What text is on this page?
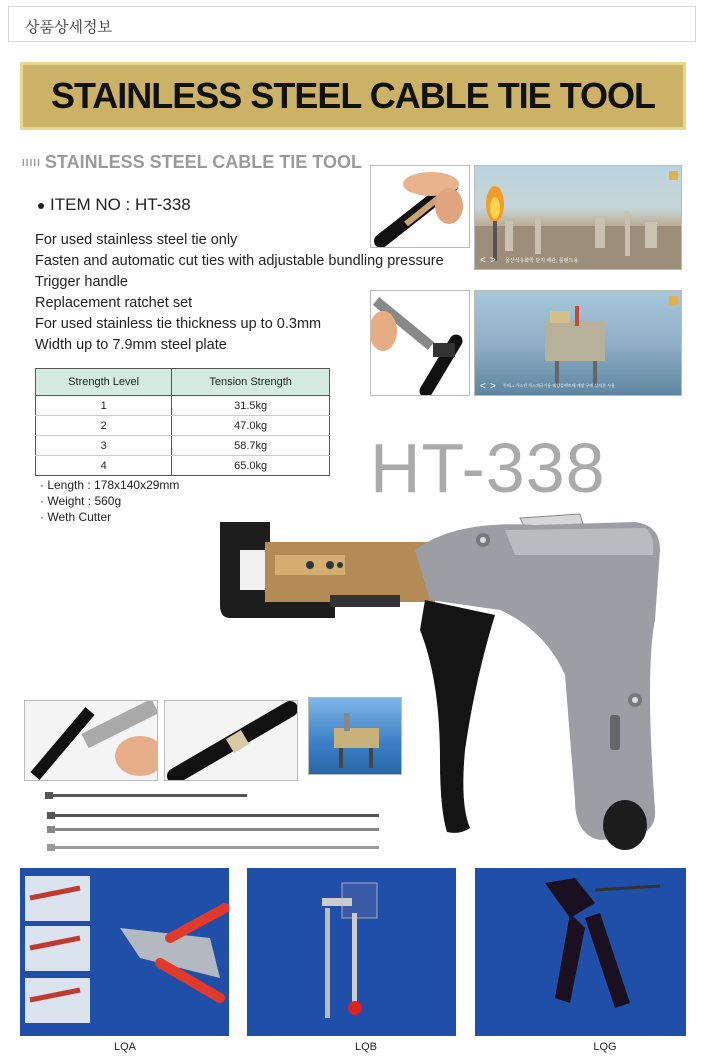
상품상세정보
STAINLESS STEEL CABLE TIE TOOL
IIIII STAINLESS STEEL CABLE TIE TOOL
ITEM NO : HT-338
For used stainless steel tie only
Fasten and automatic cut ties with adjustable bundling pressure
Trigger handle
Replacement ratchet set
For used stainless tie thickness up to 0.3mm
Width up to 7.9mm steel plate
Strength Level	Tension Strength
1	31.5kg
2	47.0kg
3	58.7kg
4	65.0kg
· Length : 178x140x29mm
· Weight : 560g
· Weth Cutter
HT-338
< > 울산석유화학 단지 배관, 플랜트용
< > 동해-1 가스전 가스채굴기용 해양플랜트에 계장 구매 설치분 사용
LQA	LQB	LQG
